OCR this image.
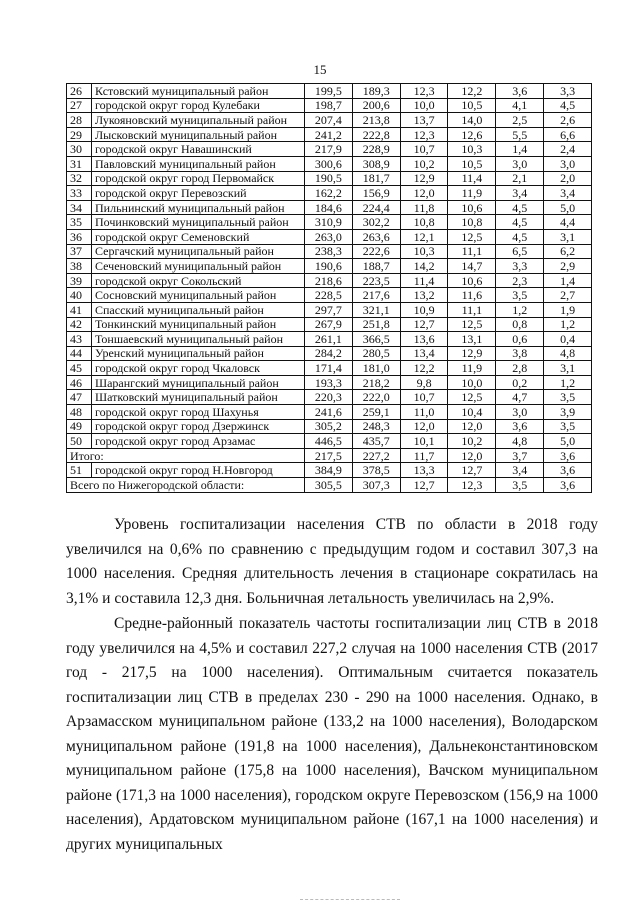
15
26	Кстовский муниципальный район	199,5	189,3	12,3	12,2	3,6	3,3
27	городской округ город Кулебаки	198,7	200,6	10,0	10,5	4,1	4,5
28	Лукояновский муниципальный район	207,4	213,8	13,7	14,0	2,5	2,6
29	Лысковский муниципальный район	241,2	222,8	12,3	12,6	5,5	6,6
30	городской округ Навашинский	217,9	228,9	10,7	10,3	1,4	2,4
31	Павловский муниципальный район	300,6	308,9	10,2	10,5	3,0	3,0
32	городской округ город Первомайск	190,5	181,7	12,9	11,4	2,1	2,0
33	городской округ Перевозский	162,2	156,9	12,0	11,9	3,4	3,4
34	Пильнинский муниципальный район	184,6	224,4	11,8	10,6	4,5	5,0
35	Починковский муниципальный район	310,9	302,2	10,8	10,8	4,5	4,4
36	городской округ Семеновский	263,0	263,6	12,1	12,5	4,5	3,1
37	Сергачский муниципальный район	238,3	222,6	10,3	11,1	6,5	6,2
38	Сеченовский муниципальный район	190,6	188,7	14,2	14,7	3,3	2,9
39	городской округ Сокольский	218,6	223,5	11,4	10,6	2,3	1,4
40	Сосновский муниципальный район	228,5	217,6	13,2	11,6	3,5	2,7
41	Спасский муниципальный район	297,7	321,1	10,9	11,1	1,2	1,9
42	Тонкинский муниципальный район	267,9	251,8	12,7	12,5	0,8	1,2
43	Тоншаевский муниципальный район	261,1	366,5	13,6	13,1	0,6	0,4
44	Уренский муниципальный район	284,2	280,5	13,4	12,9	3,8	4,8
45	городской округ город Чкаловск	171,4	181,0	12,2	11,9	2,8	3,1
46	Шарангский муниципальный район	193,3	218,2	9,8	10,0	0,2	1,2
47	Шатковский муниципальный район	220,3	222,0	10,7	12,5	4,7	3,5
48	городской округ город Шахунья	241,6	259,1	11,0	10,4	3,0	3,9
49	городской округ город Дзержинск	305,2	248,3	12,0	12,0	3,6	3,5
50	городской округ город Арзамас	446,5	435,7	10,1	10,2	4,8	5,0
Итого:		217,5	227,2	11,7	12,0	3,7	3,6
51	городской округ город Н.Новгород	384,9	378,5	13,3	12,7	3,4	3,6
Всего по Нижегородской области:		305,5	307,3	12,7	12,3	3,5	3,6

Уровень госпитализации населения СТВ по области в 2018 году увеличился на 0,6% по сравнению с предыдущим годом и составил 307,3 на 1000 населения. Средняя длительность лечения в стационаре сократилась на 3,1% и составила 12,3 дня. Больничная летальность увеличилась на 2,9%.

Средне-районный показатель частоты госпитализации лиц СТВ в 2018 году увеличился на 4,5% и составил 227,2 случая на 1000 населения СТВ (2017 год - 217,5 на 1000 населения). Оптимальным считается показатель госпитализации лиц СТВ в пределах 230 - 290 на 1000 населения. Однако, в Арзамасском муниципальном районе (133,2 на 1000 населения), Володарском муниципальном районе (191,8 на 1000 населения), Дальнеконстантиновском муниципальном районе (175,8 на 1000 населения), Вачском муниципальном районе (171,3 на 1000 населения), городском округе Перевозском (156,9 на 1000 населения), Ардатовском муниципальном районе (167,1 на 1000 населения) и других муниципальных
